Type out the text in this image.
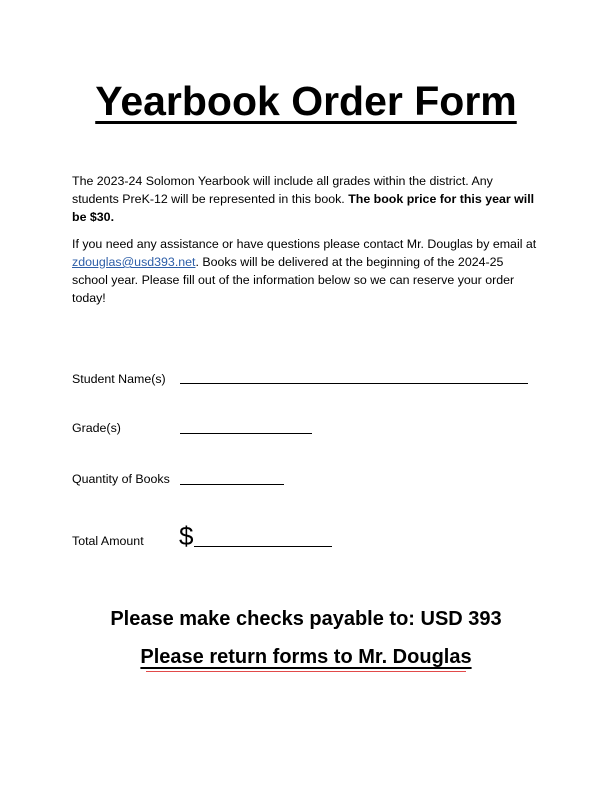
Yearbook Order Form
The 2023-24 Solomon Yearbook will include all grades within the district. Any students PreK-12 will be represented in this book. The book price for this year will be $30.
If you need any assistance or have questions please contact Mr. Douglas by email at zdouglas@usd393.net. Books will be delivered at the beginning of the 2024-25 school year. Please fill out of the information below so we can reserve your order today!
Student Name(s)
Grade(s)
Quantity of Books
Total Amount $
Please make checks payable to: USD 393
Please return forms to Mr. Douglas
